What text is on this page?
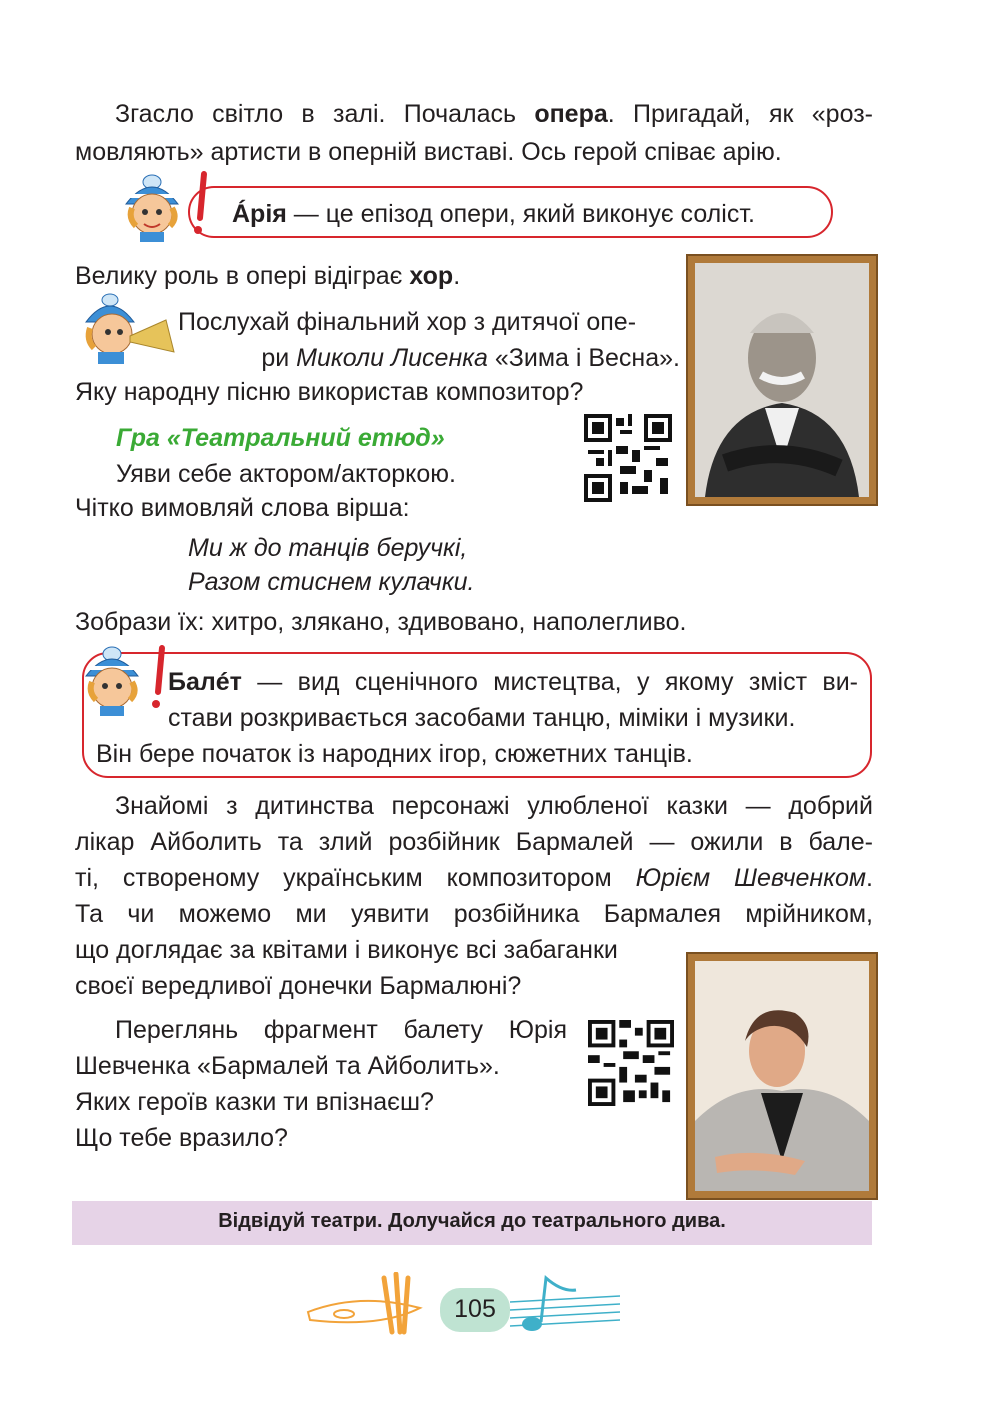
Згасло світло в залі. Почалась опера. Пригадай, як «роз-
мовляють» артисти в оперній виставі. Ось герой співає арію.
Áрія — це епізод опери, який виконує соліст.
Велику роль в опері відіграє хор.
Послухай фінальний хор з дитячої опе-
ри Миколи Лисенка «Зима і Весна».
Яку народну пісню використав композитор?
Гра «Театральний етюд»
Уяви себе актором/акторкою.
Чітко вимовляй слова вірша:
Ми ж до танців беручкі,
Разом стиснем кулачки.
Зобрази їх: хитро, злякано, здивовано, наполегливо.
Балéт — вид сценічного мистецтва, у якому зміст ви-
стави розкривається засобами танцю, міміки і музики.
Він бере початок із народних ігор, сюжетних танців.
Знайомі з дитинства персонажі улюбленої казки — добрий
лікар Айболить та злий розбійник Бармалей — ожили в бале-
ті, створеному українським композитором Юрієм Шевченком.
Та чи можемо ми уявити розбійника Бармалея мрійником,
що доглядає за квітами і виконує всі забаганки
своєї вередливої донечки Бармалюні?
Переглянь фрагмент балету Юрія
Шевченка «Бармалей та Айболить».
Яких героїв казки ти впізнаєш?
Що тебе вразило?
Відвідуй театри. Долучайся до театрального дива.
105
